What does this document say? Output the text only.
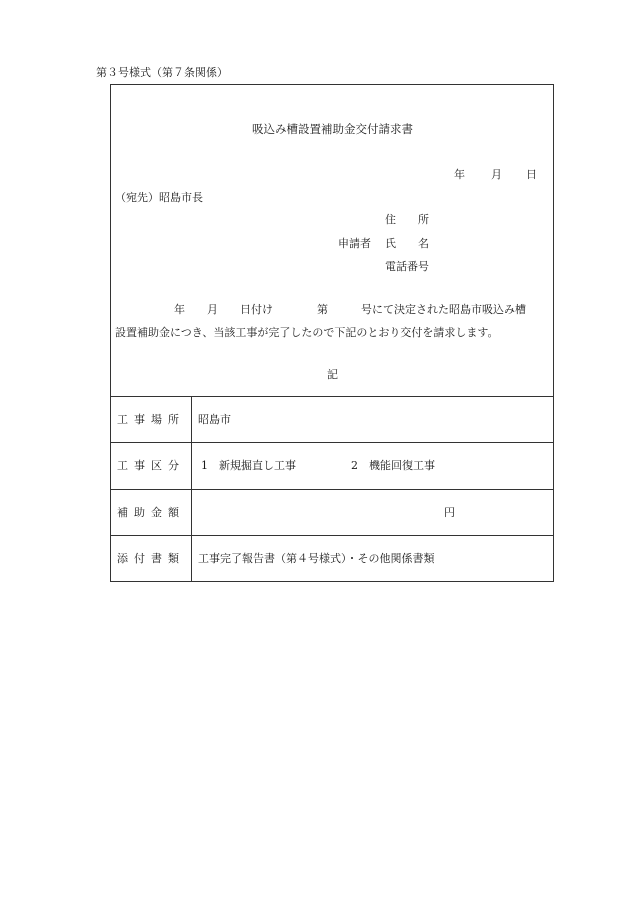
第３号様式（第７条関係）
吸込み槽設置補助金交付請求書
年 月 日
（宛先）昭島市長
住　　所
申請者 氏　　名
電話番号
年　　月　　日付け　　　　第　　　号にて決定された昭島市吸込み槽
設置補助金につき、当該工事が完了したので下記のとおり交付を請求します。
記
工事場所 昭島市
工事区分 1　新規掘直し工事	2　機能回復工事
補助金額	円
添付書類 工事完了報告書（第４号様式）・その他関係書類
